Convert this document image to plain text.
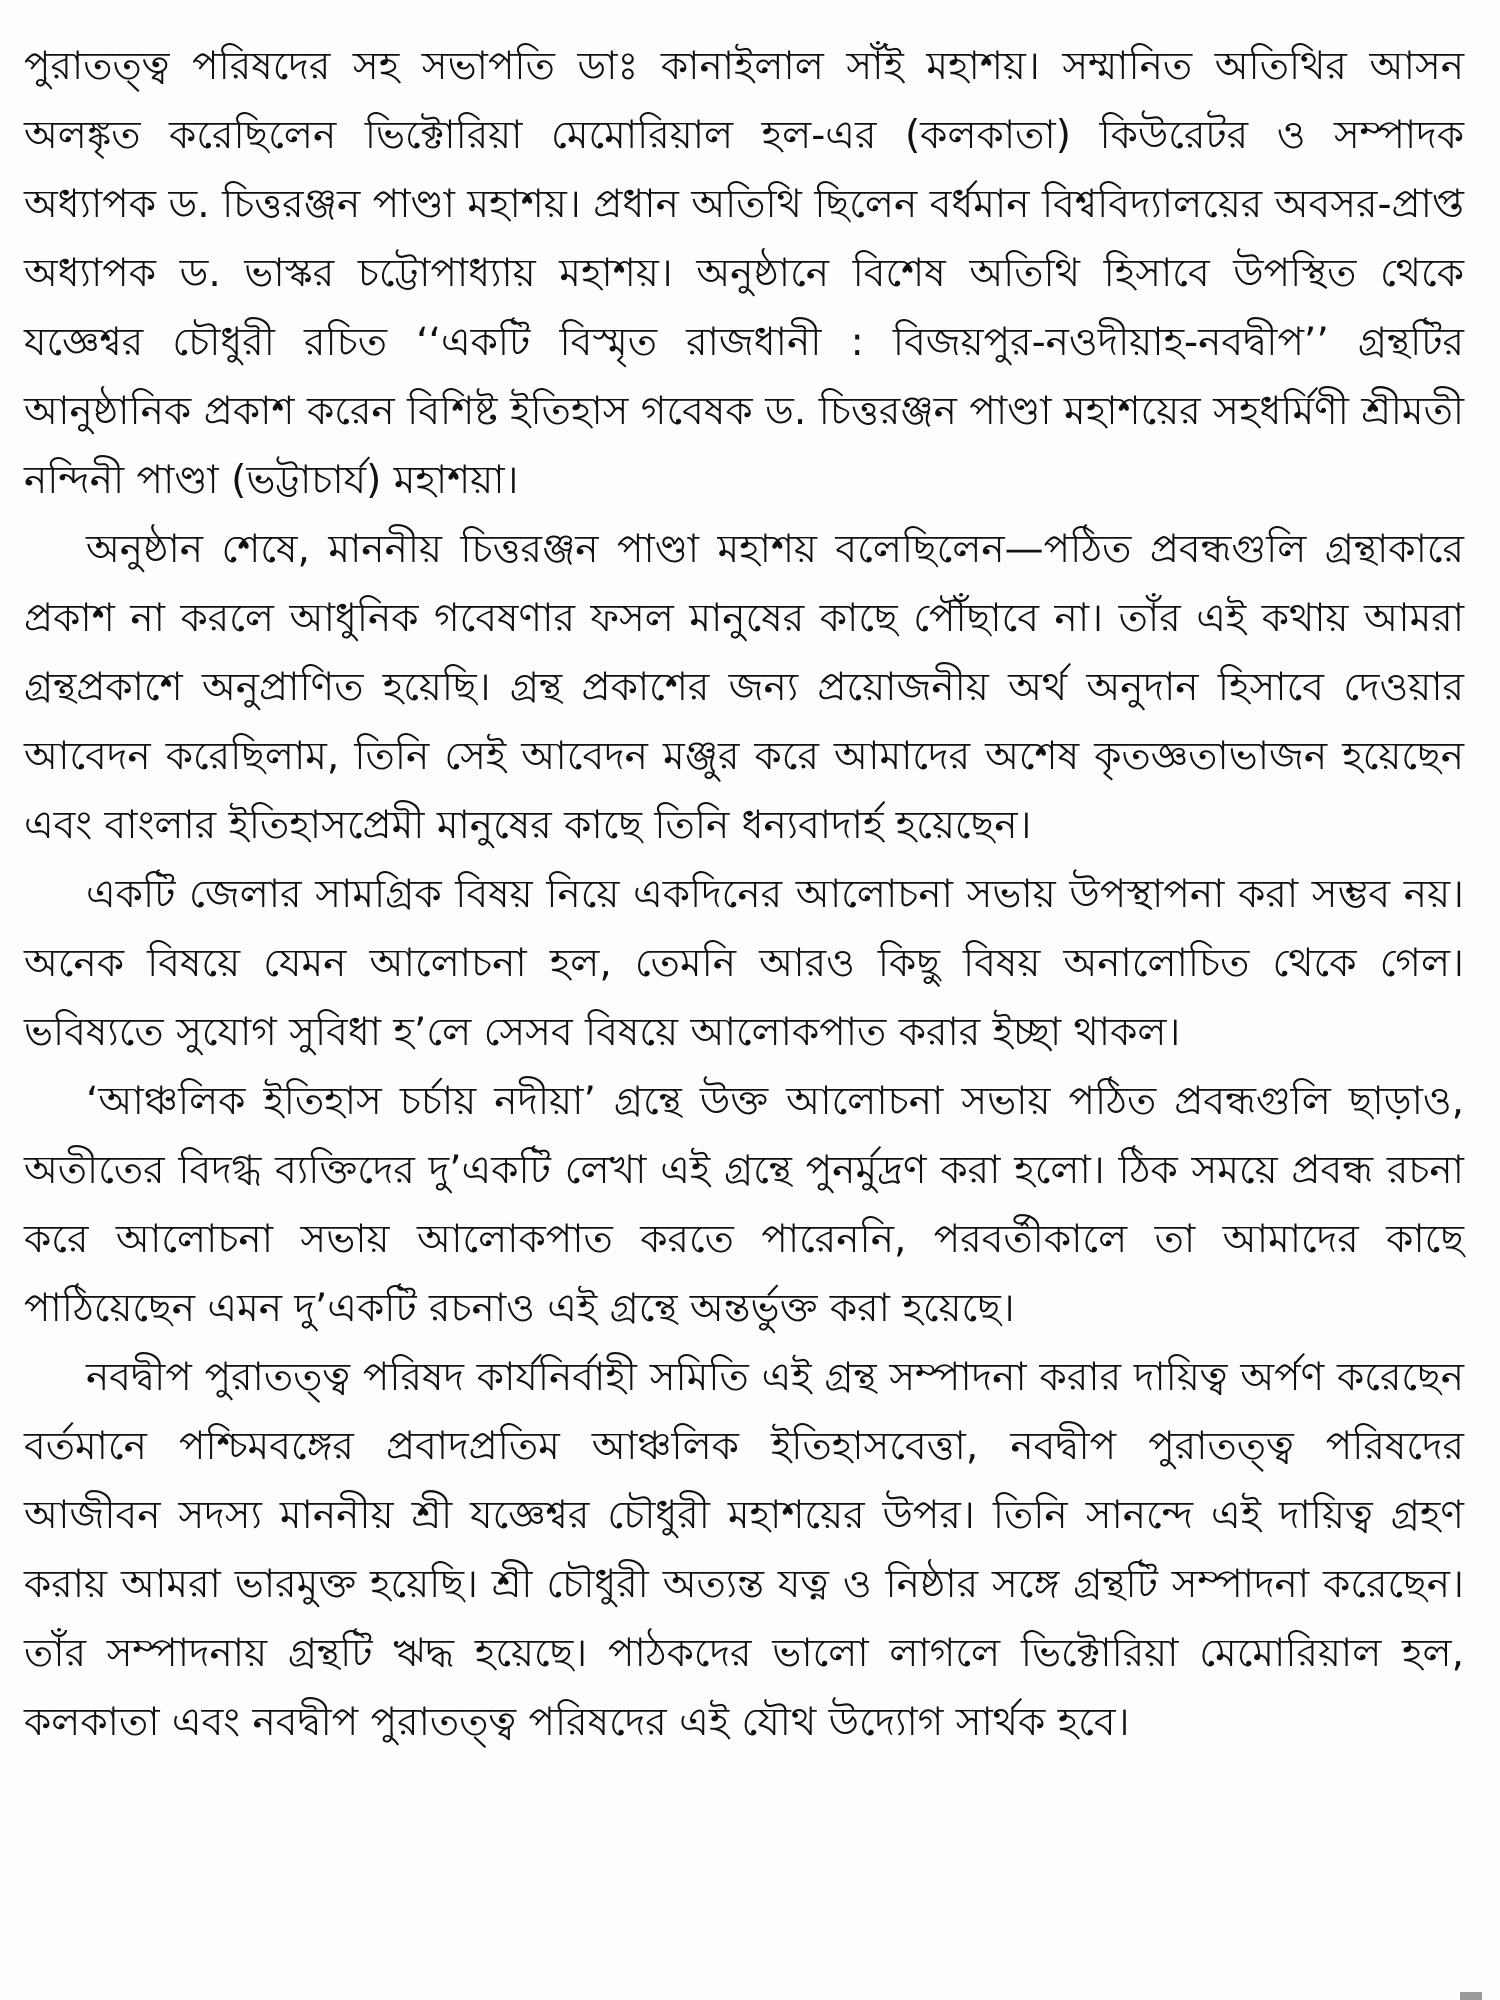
পুরাতত্ত্ব পরিষদের সহ সভাপতি ডাঃ কানাইলাল সাঁই মহাশয়। সম্মানিত অতিথির আসন অলঙ্কৃত করেছিলেন ভিক্টোরিয়া মেমোরিয়াল হল-এর (কলকাতা) কিউরেটর ও সম্পাদক অধ্যাপক ড. চিত্তরঞ্জন পাণ্ডা মহাশয়। প্রধান অতিথি ছিলেন বর্ধমান বিশ্ববিদ্যালয়ের অবসর-প্রাপ্ত অধ্যাপক ড. ভাস্কর চট্টোপাধ্যায় মহাশয়। অনুষ্ঠানে বিশেষ অতিথি হিসাবে উপস্থিত থেকে যজ্ঞেশ্বর চৌধুরী রচিত ‘‘একটি বিস্মৃত রাজধানী : বিজয়পুর-নওদীয়াহ-নবদ্বীপ’’ গ্রন্থটির আনুষ্ঠানিক প্রকাশ করেন বিশিষ্ট ইতিহাস গবেষক ড. চিত্তরঞ্জন পাণ্ডা মহাশয়ের সহধর্মিণী শ্রীমতী নন্দিনী পাণ্ডা (ভট্টাচার্য) মহাশয়া।

অনুষ্ঠান শেষে, মাননীয় চিত্তরঞ্জন পাণ্ডা মহাশয় বলেছিলেন—পঠিত প্রবন্ধগুলি গ্রন্থাকারে প্রকাশ না করলে আধুনিক গবেষণার ফসল মানুষের কাছে পৌঁছাবে না। তাঁর এই কথায় আমরা গ্রন্থপ্রকাশে অনুপ্রাণিত হয়েছি। গ্রন্থ প্রকাশের জন্য প্রয়োজনীয় অর্থ অনুদান হিসাবে দেওয়ার আবেদন করেছিলাম, তিনি সেই আবেদন মঞ্জুর করে আমাদের অশেষ কৃতজ্ঞতাভাজন হয়েছেন এবং বাংলার ইতিহাসপ্রেমী মানুষের কাছে তিনি ধন্যবাদার্হ হয়েছেন।

একটি জেলার সামগ্রিক বিষয় নিয়ে একদিনের আলোচনা সভায় উপস্থাপনা করা সম্ভব নয়। অনেক বিষয়ে যেমন আলোচনা হল, তেমনি আরও কিছু বিষয় অনালোচিত থেকে গেল। ভবিষ্যতে সুযোগ সুবিধা হ’লে সেসব বিষয়ে আলোকপাত করার ইচ্ছা থাকল।

‘আঞ্চলিক ইতিহাস চর্চায় নদীয়া’ গ্রন্থে উক্ত আলোচনা সভায় পঠিত প্রবন্ধগুলি ছাড়াও, অতীতের বিদগ্ধ ব্যক্তিদের দু’একটি লেখা এই গ্রন্থে পুনর্মুদ্রণ করা হলো। ঠিক সময়ে প্রবন্ধ রচনা করে আলোচনা সভায় আলোকপাত করতে পারেননি, পরবর্তীকালে তা আমাদের কাছে পাঠিয়েছেন এমন দু’একটি রচনাও এই গ্রন্থে অন্তর্ভুক্ত করা হয়েছে।

নবদ্বীপ পুরাতত্ত্ব পরিষদ কার্যনির্বাহী সমিতি এই গ্রন্থ সম্পাদনা করার দায়িত্ব অর্পণ করেছেন বর্তমানে পশ্চিমবঙ্গের প্রবাদপ্রতিম আঞ্চলিক ইতিহাসবেত্তা, নবদ্বীপ পুরাতত্ত্ব পরিষদের আজীবন সদস্য মাননীয় শ্রী যজ্ঞেশ্বর চৌধুরী মহাশয়ের উপর। তিনি সানন্দে এই দায়িত্ব গ্রহণ করায় আমরা ভারমুক্ত হয়েছি। শ্রী চৌধুরী অত্যন্ত যত্ন ও নিষ্ঠার সঙ্গে গ্রন্থটি সম্পাদনা করেছেন। তাঁর সম্পাদনায় গ্রন্থটি ঋদ্ধ হয়েছে। পাঠকদের ভালো লাগলে ভিক্টোরিয়া মেমোরিয়াল হল, কলকাতা এবং নবদ্বীপ পুরাতত্ত্ব পরিষদের এই যৌথ উদ্যোগ সার্থক হবে।
